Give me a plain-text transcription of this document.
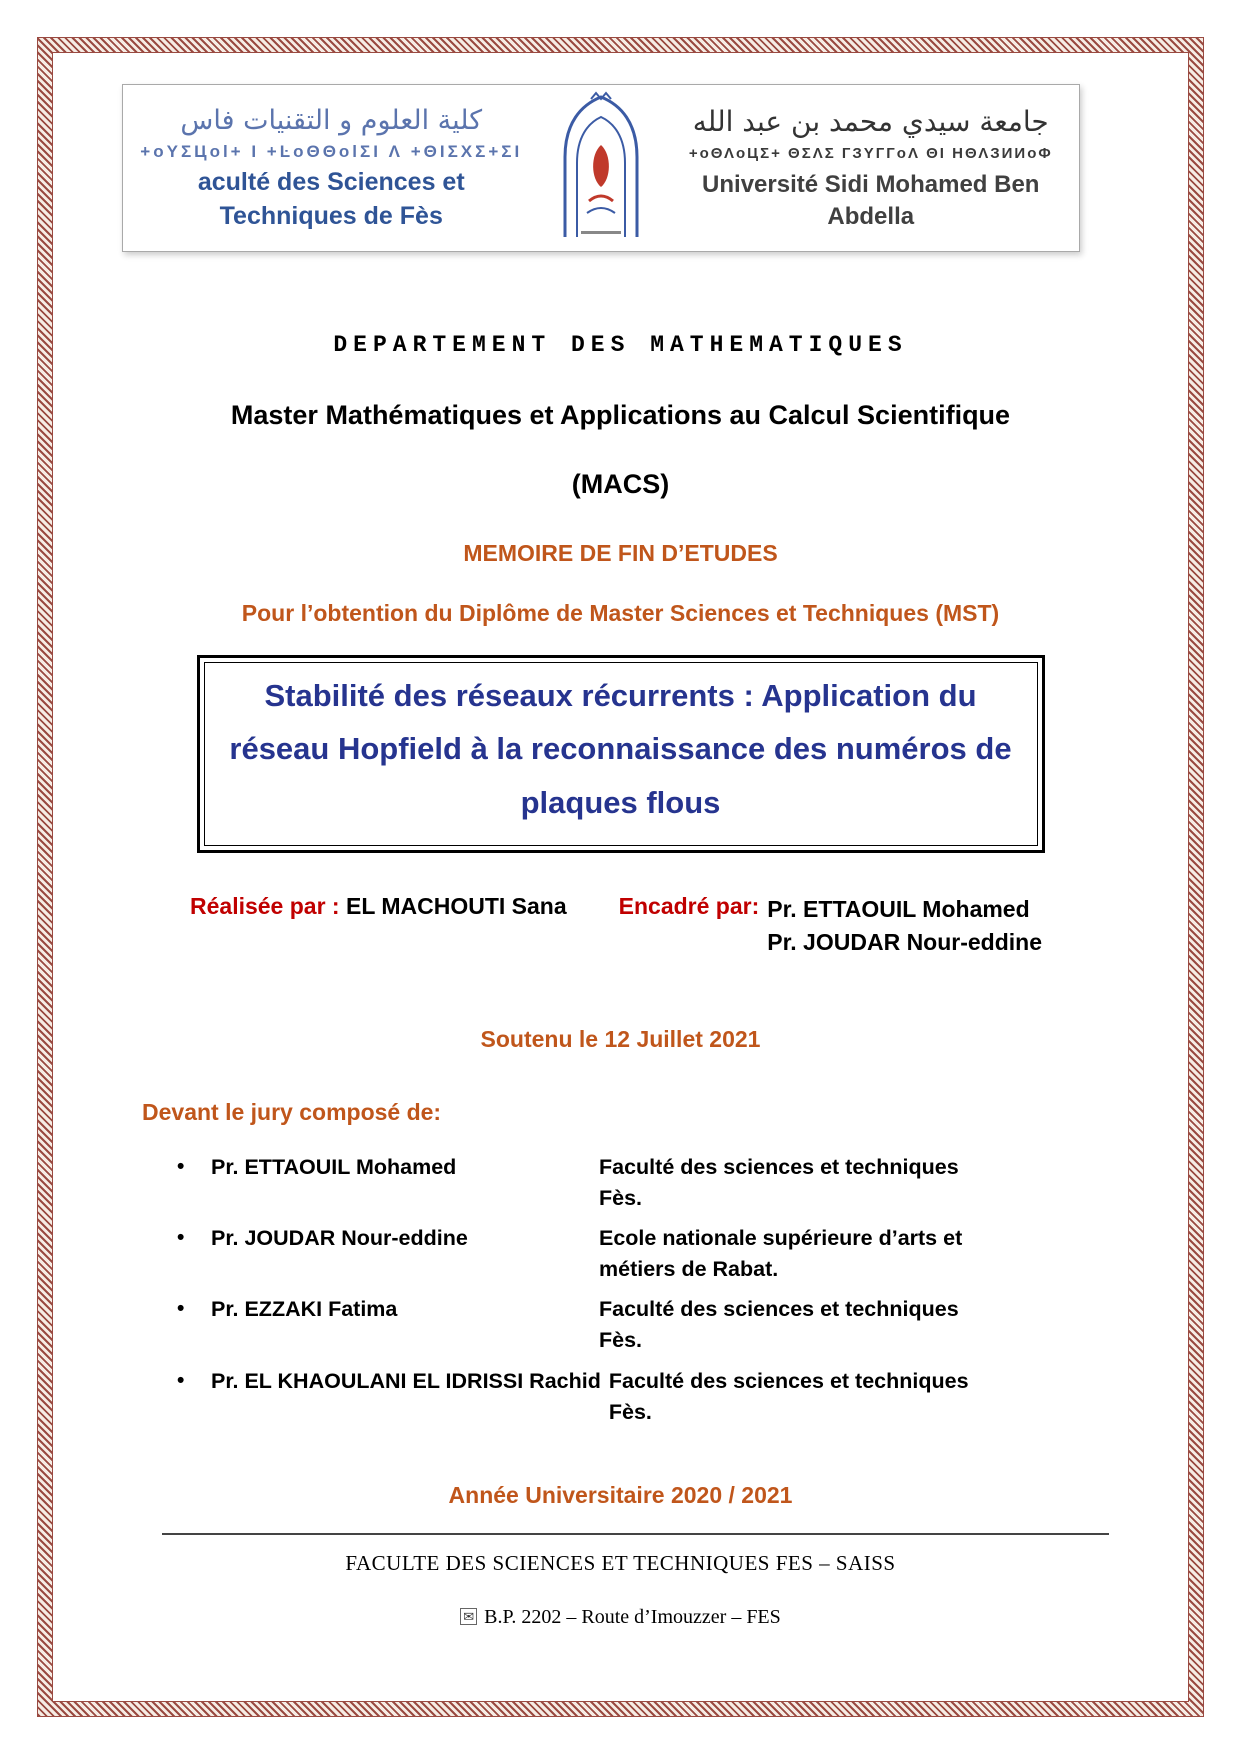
كلية العلوم و التقنيات فاس
+oYΣЦol+ I +ĿoΘΘolΣI Λ +ΘΙΣΧΣ+ΣΙ
aculté des Sciences et Techniques de Fès
جامعة سيدي محمد بن عبد الله
+oΘΛoЦΣ+ ΘΣΛΣ ГЗΥГГoΛ ΘΙ ΗΘΛЗИИoΦ
Université Sidi Mohamed Ben Abdella
DEPARTEMENT DES MATHEMATIQUES
Master Mathématiques et Applications au Calcul Scientifique
(MACS)
MEMOIRE DE FIN D’ETUDES
Pour l’obtention du Diplôme de Master Sciences et Techniques (MST)
Stabilité des réseaux récurrents : Application du réseau Hopfield à la reconnaissance des numéros de plaques flous
Réalisée par : EL MACHOUTI Sana Encadré par: Pr. ETTAOUIL Mohamed
Pr. JOUDAR Nour-eddine
Soutenu le 12 Juillet 2021
Devant le jury composé de:
•	Pr. ETTAOUIL Mohamed	Faculté des sciences et techniques Fès.
•	Pr. JOUDAR Nour-eddine	Ecole nationale supérieure d’arts et métiers de Rabat.
•	Pr. EZZAKI Fatima	Faculté des sciences et techniques Fès.
•	Pr. EL KHAOULANI EL IDRISSI Rachid Faculté des sciences et techniques Fès.
Année Universitaire 2020 / 2021
FACULTE DES SCIENCES ET TECHNIQUES FES – SAISS
✉ B.P. 2202 – Route d’Imouzzer – FES
